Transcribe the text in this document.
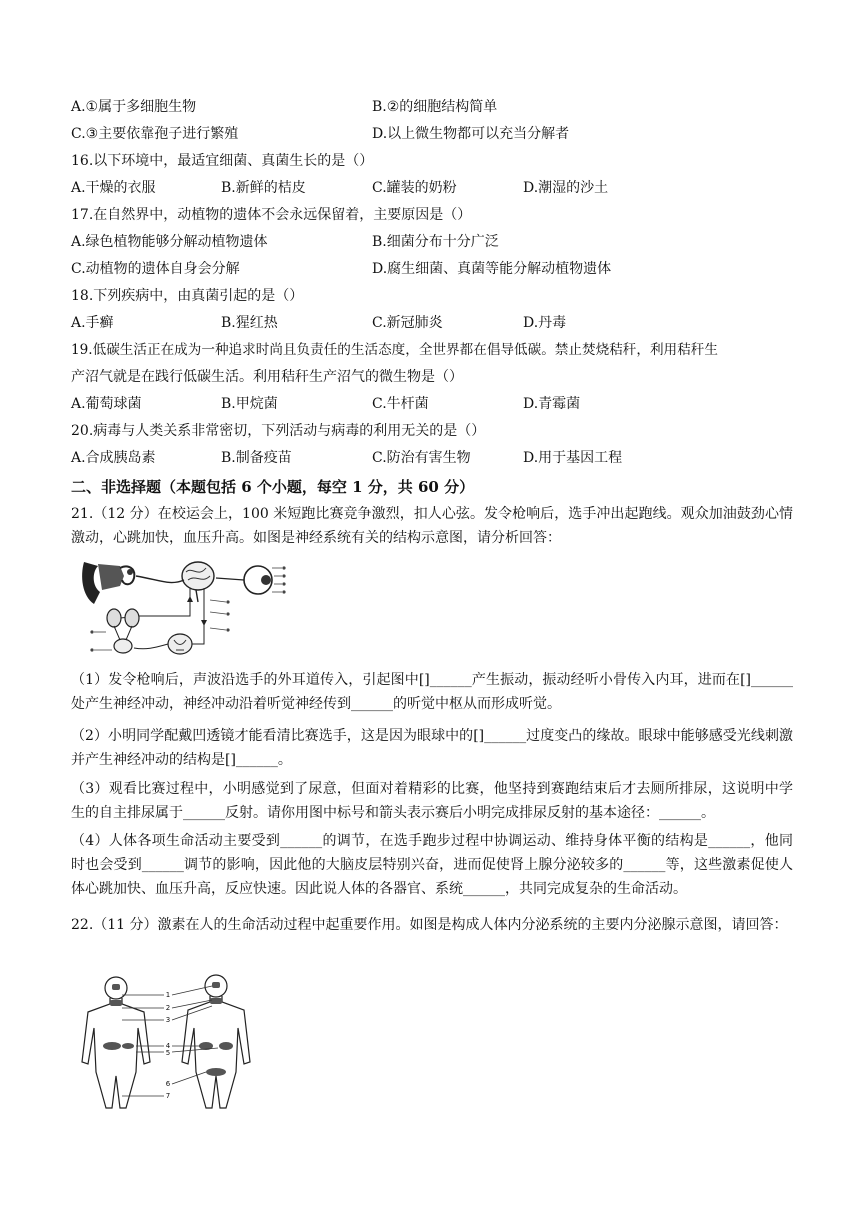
A.①属于多细胞生物	B.②的细胞结构简单
C.③主要依靠孢子进行繁殖	D.以上微生物都可以充当分解者
16.以下环境中，最适宜细菌、真菌生长的是（）
A.干燥的衣服	B.新鲜的桔皮	C.罐装的奶粉	D.潮湿的沙土
17.在自然界中，动植物的遗体不会永远保留着，主要原因是（）
A.绿色植物能够分解动植物遗体	B.细菌分布十分广泛
C.动植物的遗体自身会分解	D.腐生细菌、真菌等能分解动植物遗体
18.下列疾病中，由真菌引起的是（）
A.手癣	B.猩红热	C.新冠肺炎	D.丹毒
19.低碳生活正在成为一种追求时尚且负责任的生活态度，全世界都在倡导低碳。禁止焚烧秸秆，利用秸秆生
产沼气就是在践行低碳生活。利用秸秆生产沼气的微生物是（）
A.葡萄球菌	B.甲烷菌	C.牛杆菌	D.青霉菌
20.病毒与人类关系非常密切，下列活动与病毒的利用无关的是（）
A.合成胰岛素	B.制备疫苗	C.防治有害生物	D.用于基因工程
二、非选择题（本题包括 6 个小题，每空 1 分，共 60 分）
21.（12 分）在校运会上，100 米短跑比赛竞争激烈，扣人心弦。发令枪响后，选手冲出起跑线。观众加油鼓劲心情激动，心跳加快，血压升高。如图是神经系统有关的结构示意图，请分析回答：
（1）发令枪响后，声波沿选手的外耳道传入，引起图中[]______产生振动，振动经听小骨传入内耳，进而在[]______处产生神经冲动，神经冲动沿着听觉神经传到______的听觉中枢从而形成听觉。
（2）小明同学配戴凹透镜才能看清比赛选手，这是因为眼球中的[]______过度变凸的缘故。眼球中能够感受光线刺激并产生神经冲动的结构是[]______。
（3）观看比赛过程中，小明感觉到了尿意，但面对着精彩的比赛，他坚持到赛跑结束后才去厕所排尿，这说明中学生的自主排尿属于______反射。请你用图中标号和箭头表示赛后小明完成排尿反射的基本途径：______。
（4）人体各项生命活动主要受到______的调节，在选手跑步过程中协调运动、维持身体平衡的结构是______，他同时也会受到______调节的影响，因此他的大脑皮层特别兴奋，进而促使肾上腺分泌较多的______等，这些激素促使人体心跳加快、血压升高，反应快速。因此说人体的各器官、系统______，共同完成复杂的生命活动。
22.（11 分）激素在人的生命活动过程中起重要作用。如图是构成人体内分泌系统的主要内分泌腺示意图，请回答：
1
2
3
4
5
6
7
